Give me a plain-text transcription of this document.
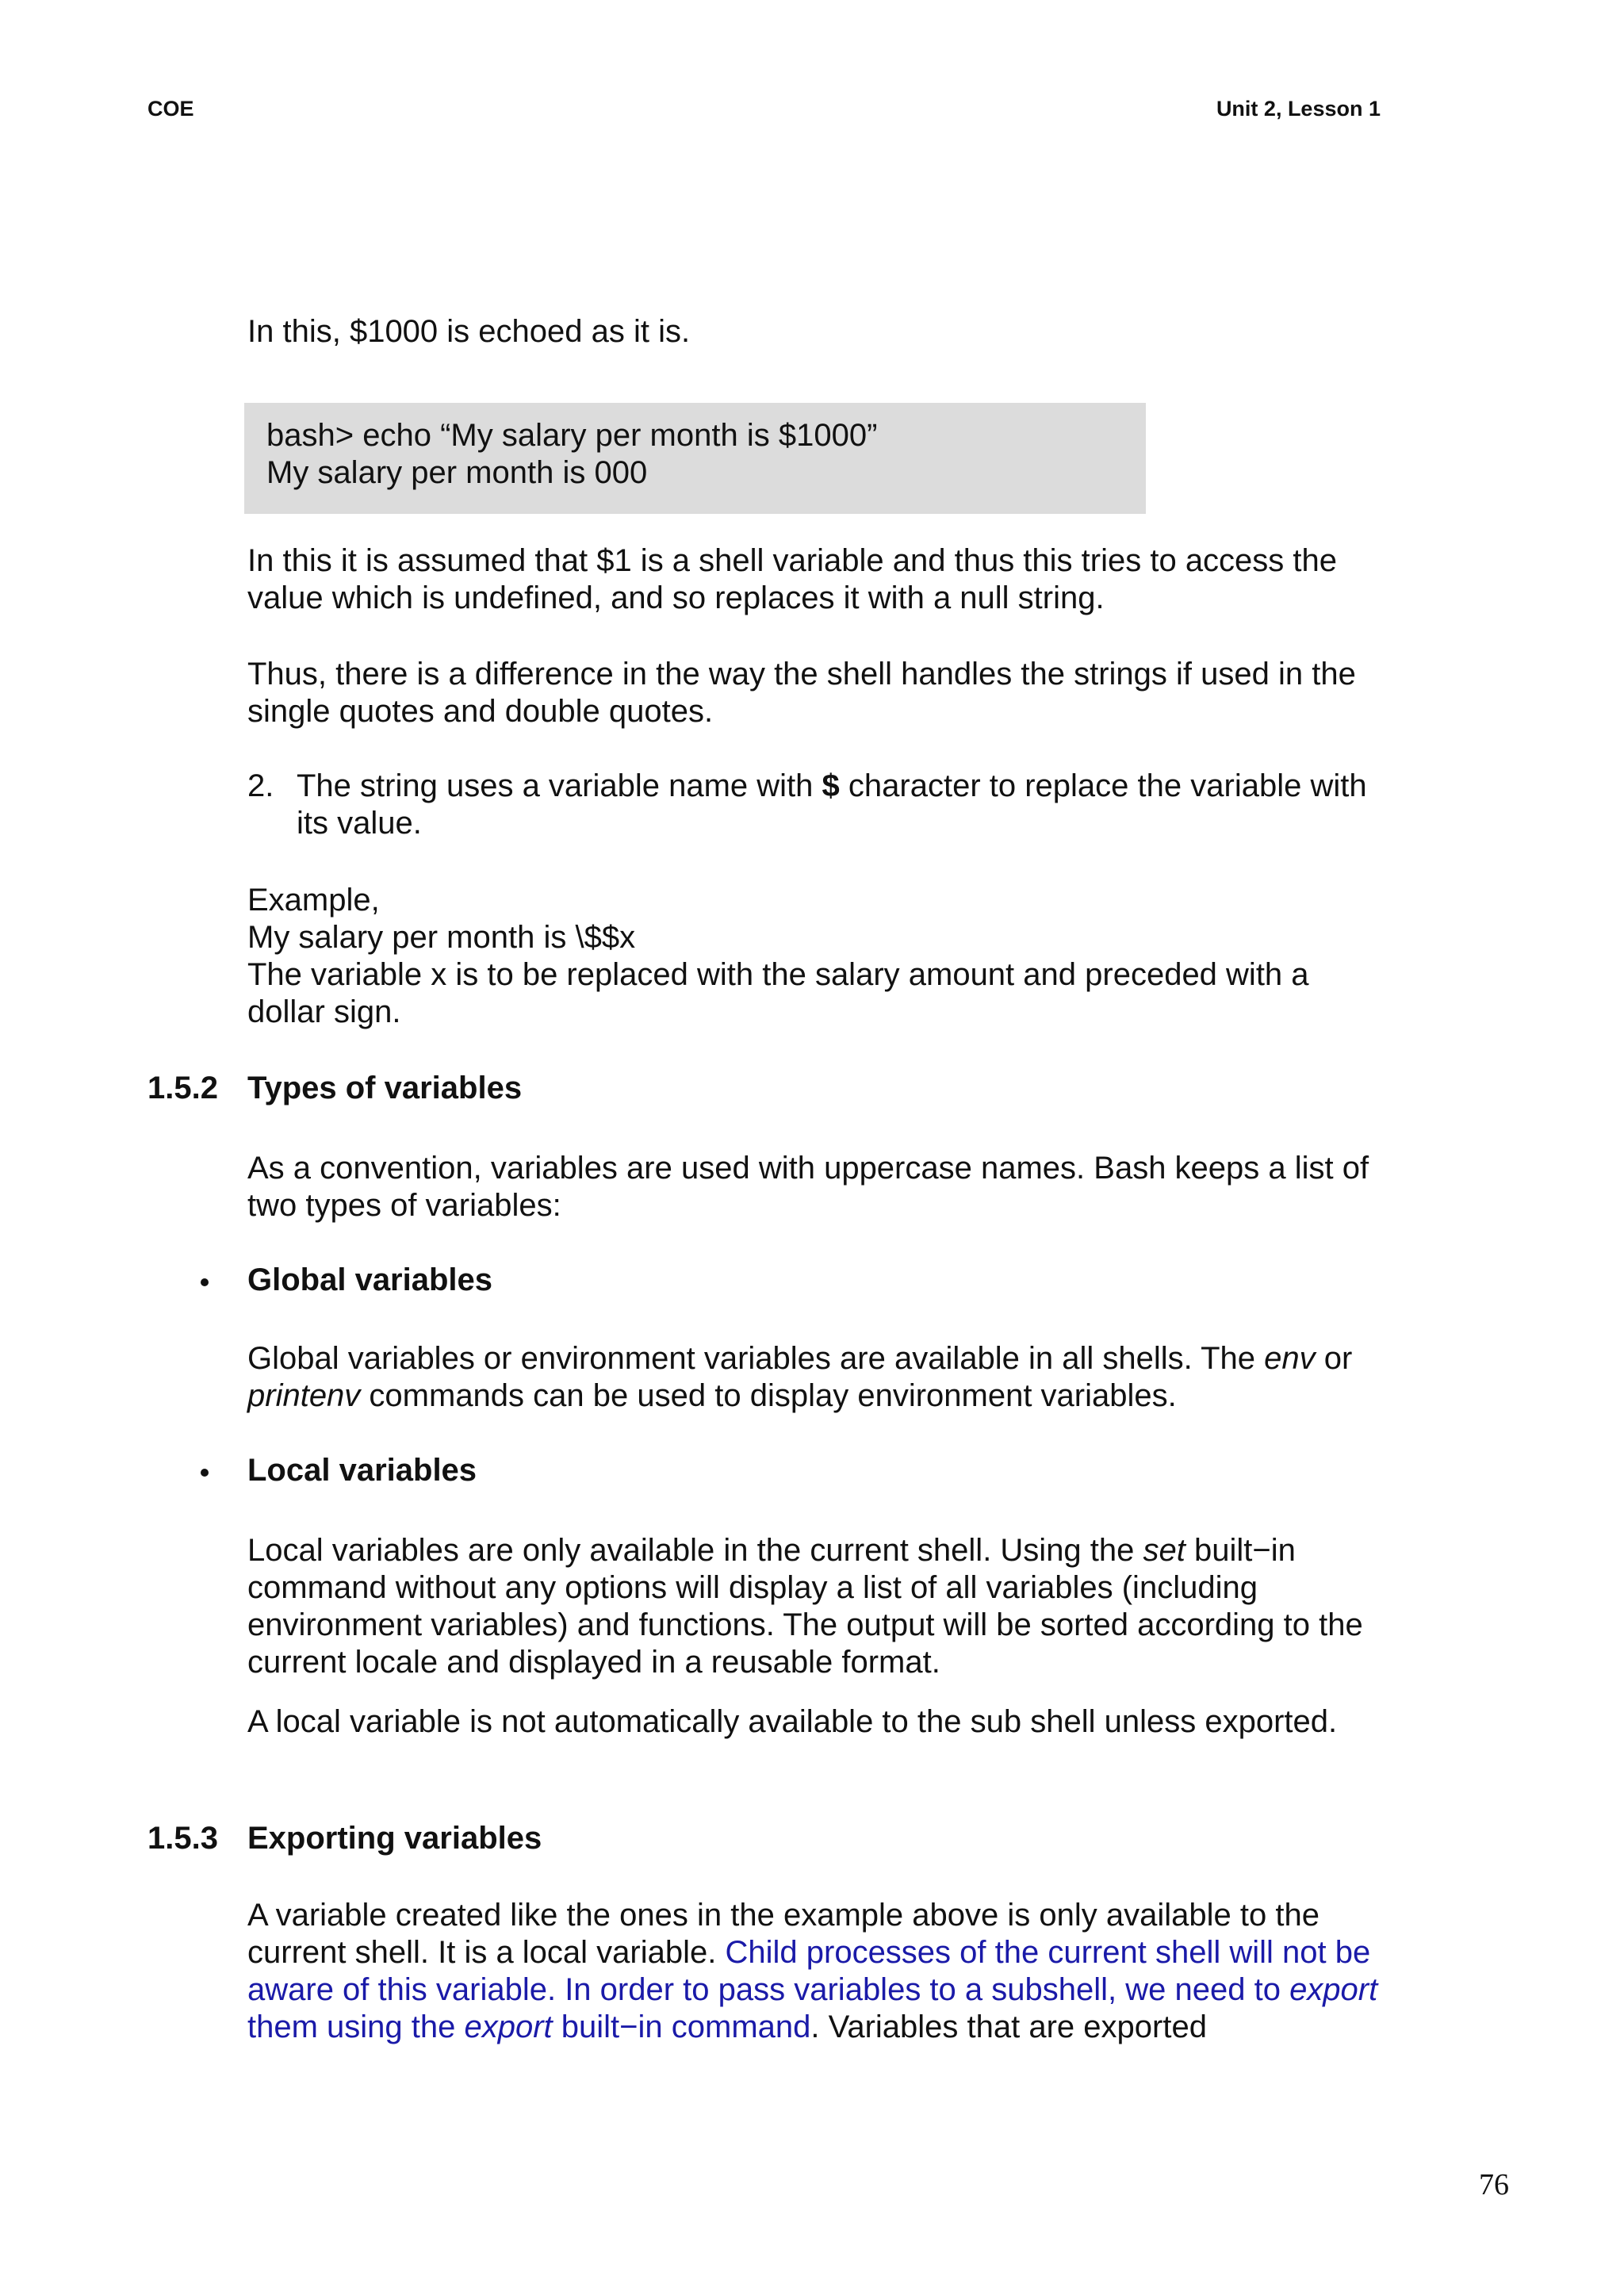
COE	Unit 2, Lesson 1

In this, $1000 is echoed as it is.

bash> echo “My salary per month is $1000”
My salary per month is 000

In this it is assumed that $1 is a shell variable and thus this tries to access the value which is undefined, and so replaces it with a null string.

Thus, there is a difference in the way the shell handles the strings if used in the single quotes and double quotes.

2. The string uses a variable name with $ character to replace the variable with its value.

Example,
My salary per month is \$$x
The variable x is to be replaced with the salary amount and preceded with a dollar sign.

1.5.2 Types of variables

As a convention, variables are used with uppercase names. Bash keeps a list of two types of variables:

Global variables

Global variables or environment variables are available in all shells. The env or printenv commands can be used to display environment variables.

Local variables

Local variables are only available in the current shell. Using the set built−in command without any options will display a list of all variables (including environment variables) and functions. The output will be sorted according to the current locale and displayed in a reusable format.

A local variable is not automatically available to the sub shell unless exported.

1.5.3 Exporting variables

A variable created like the ones in the example above is only available to the current shell. It is a local variable. Child processes of the current shell will not be aware of this variable. In order to pass variables to a subshell, we need to export them using the export built−in command. Variables that are exported

76
